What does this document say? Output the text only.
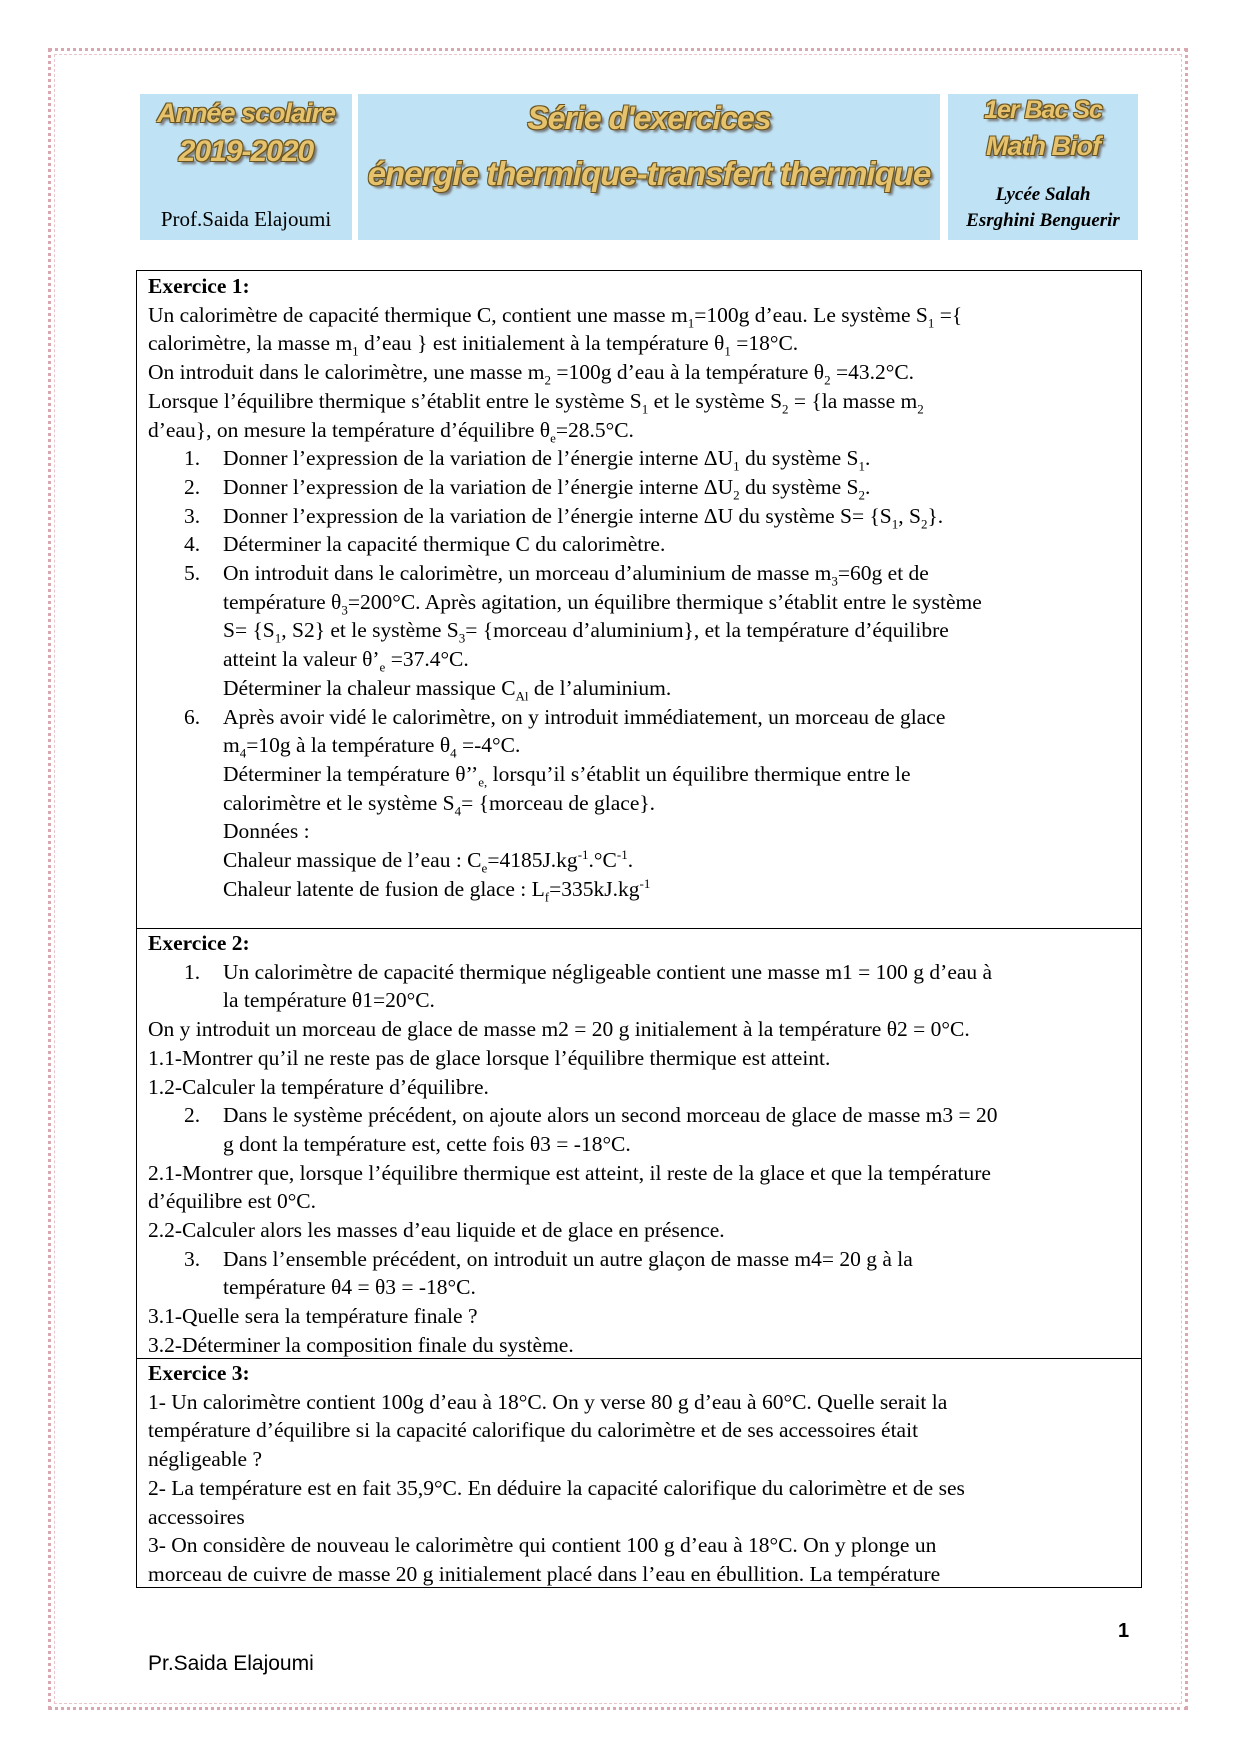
Année scolaire
2019-2020
Prof.Saida Elajoumi
Série d'exercices
énergie thermique-transfert thermique
1er Bac Sc
Math Biof
Lycée Salah
Esrghini Benguerir

Exercice 1:

Un calorimètre de capacité thermique C, contient une masse $m_1=100g$ d’eau. Le système $S_1$ ={

calorimètre, la masse $m_1$ d’eau } est initialement à la température $\theta_1 =18^\circ C$.

On introduit dans le calorimètre, une masse $m_2 =100g$ d’eau à la température $\theta_2 =43.2^\circ C$.

Lorsque l’équilibre thermique s’établit entre le système $S_1$ et le système $S_2 = \{la$ masse $m_2$

d’eau}, on mesure la température d’équilibre $\theta_e=28.5^\circ C$.

1. Donner l’expression de la variation de l’énergie interne $\Delta U_1$ du système $S_1$.

2. Donner l’expression de la variation de l’énergie interne $\Delta U_2$ du système $S_2$.

3. Donner l’expression de la variation de l’énergie interne ΔU du système $S= \{S_1$, $S_2$}.

4. Déterminer la capacité thermique C du calorimètre.

5. On introduit dans le calorimètre, un morceau d’aluminium de masse $m_3=60g$ et de

température $\theta_3=200^\circ C$. Après agitation, un équilibre thermique s’établit entre le système

$S= \{S_1$, S2} et le système $S_3=$ {morceau d’aluminium}, et la température d’équilibre

atteint la valeur $\theta’_e =37.4^\circ C$.

Déterminer la chaleur massique $C_{Al}$ de l’aluminium.

6. Après avoir vidé le calorimètre, on y introduit immédiatement, un morceau de glace

$m_4=10g$ à la température $\theta_4 =-4^\circ C$.

Déterminer la température $\theta’’_{e,}$ lorsqu’il s’établit un équilibre thermique entre le

calorimètre et le système $S_4=$ {morceau de glace}.

Données :

Chaleur massique de l’eau : $C_e=4185J.kg^{-1}.^\circ C^{-1}$.

Chaleur latente de fusion de glace : $L_f=335kJ.kg^{-1}$

Exercice 2:

1. Un calorimètre de capacité thermique négligeable contient une masse m1 = 100 g d’eau à

la température θ1=20°C.

On y introduit un morceau de glace de masse m2 = 20 g initialement à la température θ2 = 0°C.

1.1-Montrer qu’il ne reste pas de glace lorsque l’équilibre thermique est atteint.

1.2-Calculer la température d’équilibre.

2. Dans le système précédent, on ajoute alors un second morceau de glace de masse m3 = 20

g dont la température est, cette fois θ3 = -18°C.

2.1-Montrer que, lorsque l’équilibre thermique est atteint, il reste de la glace et que la température

d’équilibre est 0°C.

2.2-Calculer alors les masses d’eau liquide et de glace en présence.

3. Dans l’ensemble précédent, on introduit un autre glaçon de masse m4= 20 g à la

température θ4 = θ3 = -18°C.

3.1-Quelle sera la température finale ?

3.2-Déterminer la composition finale du système.

Exercice 3:

1- Un calorimètre contient 100g d’eau à 18°C. On y verse 80 g d’eau à 60°C. Quelle serait la

température d’équilibre si la capacité calorifique du calorimètre et de ses accessoires était

négligeable ?

2- La température est en fait 35,9°C. En déduire la capacité calorifique du calorimètre et de ses

accessoires

3- On considère de nouveau le calorimètre qui contient 100 g d’eau à 18°C. On y plonge un

morceau de cuivre de masse 20 g initialement placé dans l’eau en ébullition. La température

1
Pr.Saida Elajoumi
